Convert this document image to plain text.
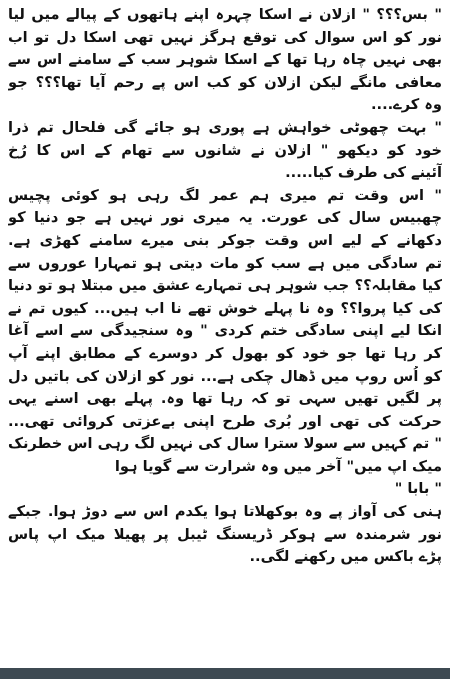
" بس؟؟؟ " ازلان نے اسکا چہرہ اپنے ہاتھوں کے پیالے میں لیا
نور کو اس سوال کی توقع ہرگز نہیں تھی اسکا دل تو اب
بھی نہیں چاہ رہا تھا کے اسکا شوہر سب کے سامنے اس سے
معافی مانگے لیکن ازلان کو کب اس پے رحم آیا تھا؟؟؟ جو
وہ کرے....
" بہت چھوٹی خواہش ہے پوری ہو جائے گی فلحال تم ذرا
خود کو دیکھو " ازلان نے شانوں سے تھام کے اس کا رُخ
آئینے کی طرف کیا.....
" اس وقت تم میری ہم عمر لگ رہی ہو کوئی پچیس
چھبیس سال کی عورت. یہ میری نور نہیں ہے جو دنیا کو
دکھانے کے لیے اس وقت جوکر بنی میرے سامنے کھڑی ہے.
تم سادگی میں ہے سب کو مات دیتی ہو تمہارا عوروں سے
کیا مقابلہ؟؟ جب شوہر ہی تمہارے عشق میں مبتلا ہو تو دنیا
کی کیا پروا؟؟ وہ نا پہلے خوش تھے نا اب ہیں... کیوں تم نے
انکا لیے اپنی سادگی ختم کردی " وہ سنجیدگی سے اسے آغا
کر رہا تھا جو خود کو بھول کر دوسرے کے مطابق اپنے آپ
کو اُس روپ میں ڈھال چکی ہے... نور کو ازلان کی باتیں دل
پر لگیں تھیں سہی تو کہ رہا تھا وہ. پہلے بھی اسنے یہی
حرکت کی تھی اور بُری طرح اپنی بےعزتی کروائی تھی...
" تم کہیں سے سولا سترا سال کی نہیں لگ رہی اس خطرنک
میک اپ میں" آخر میں وہ شرارت سے گویا ہوا
" بابا "
ہنی کی آواز پے وہ بوکھلاتا ہوا یکدم اس سے دوڑ ہوا. جبکے
نور شرمندہ سے ہوکر ڈریسنگ ٹیبل پر پھیلا میک اپ پاس
پڑے باکس میں رکھنے لگی..
